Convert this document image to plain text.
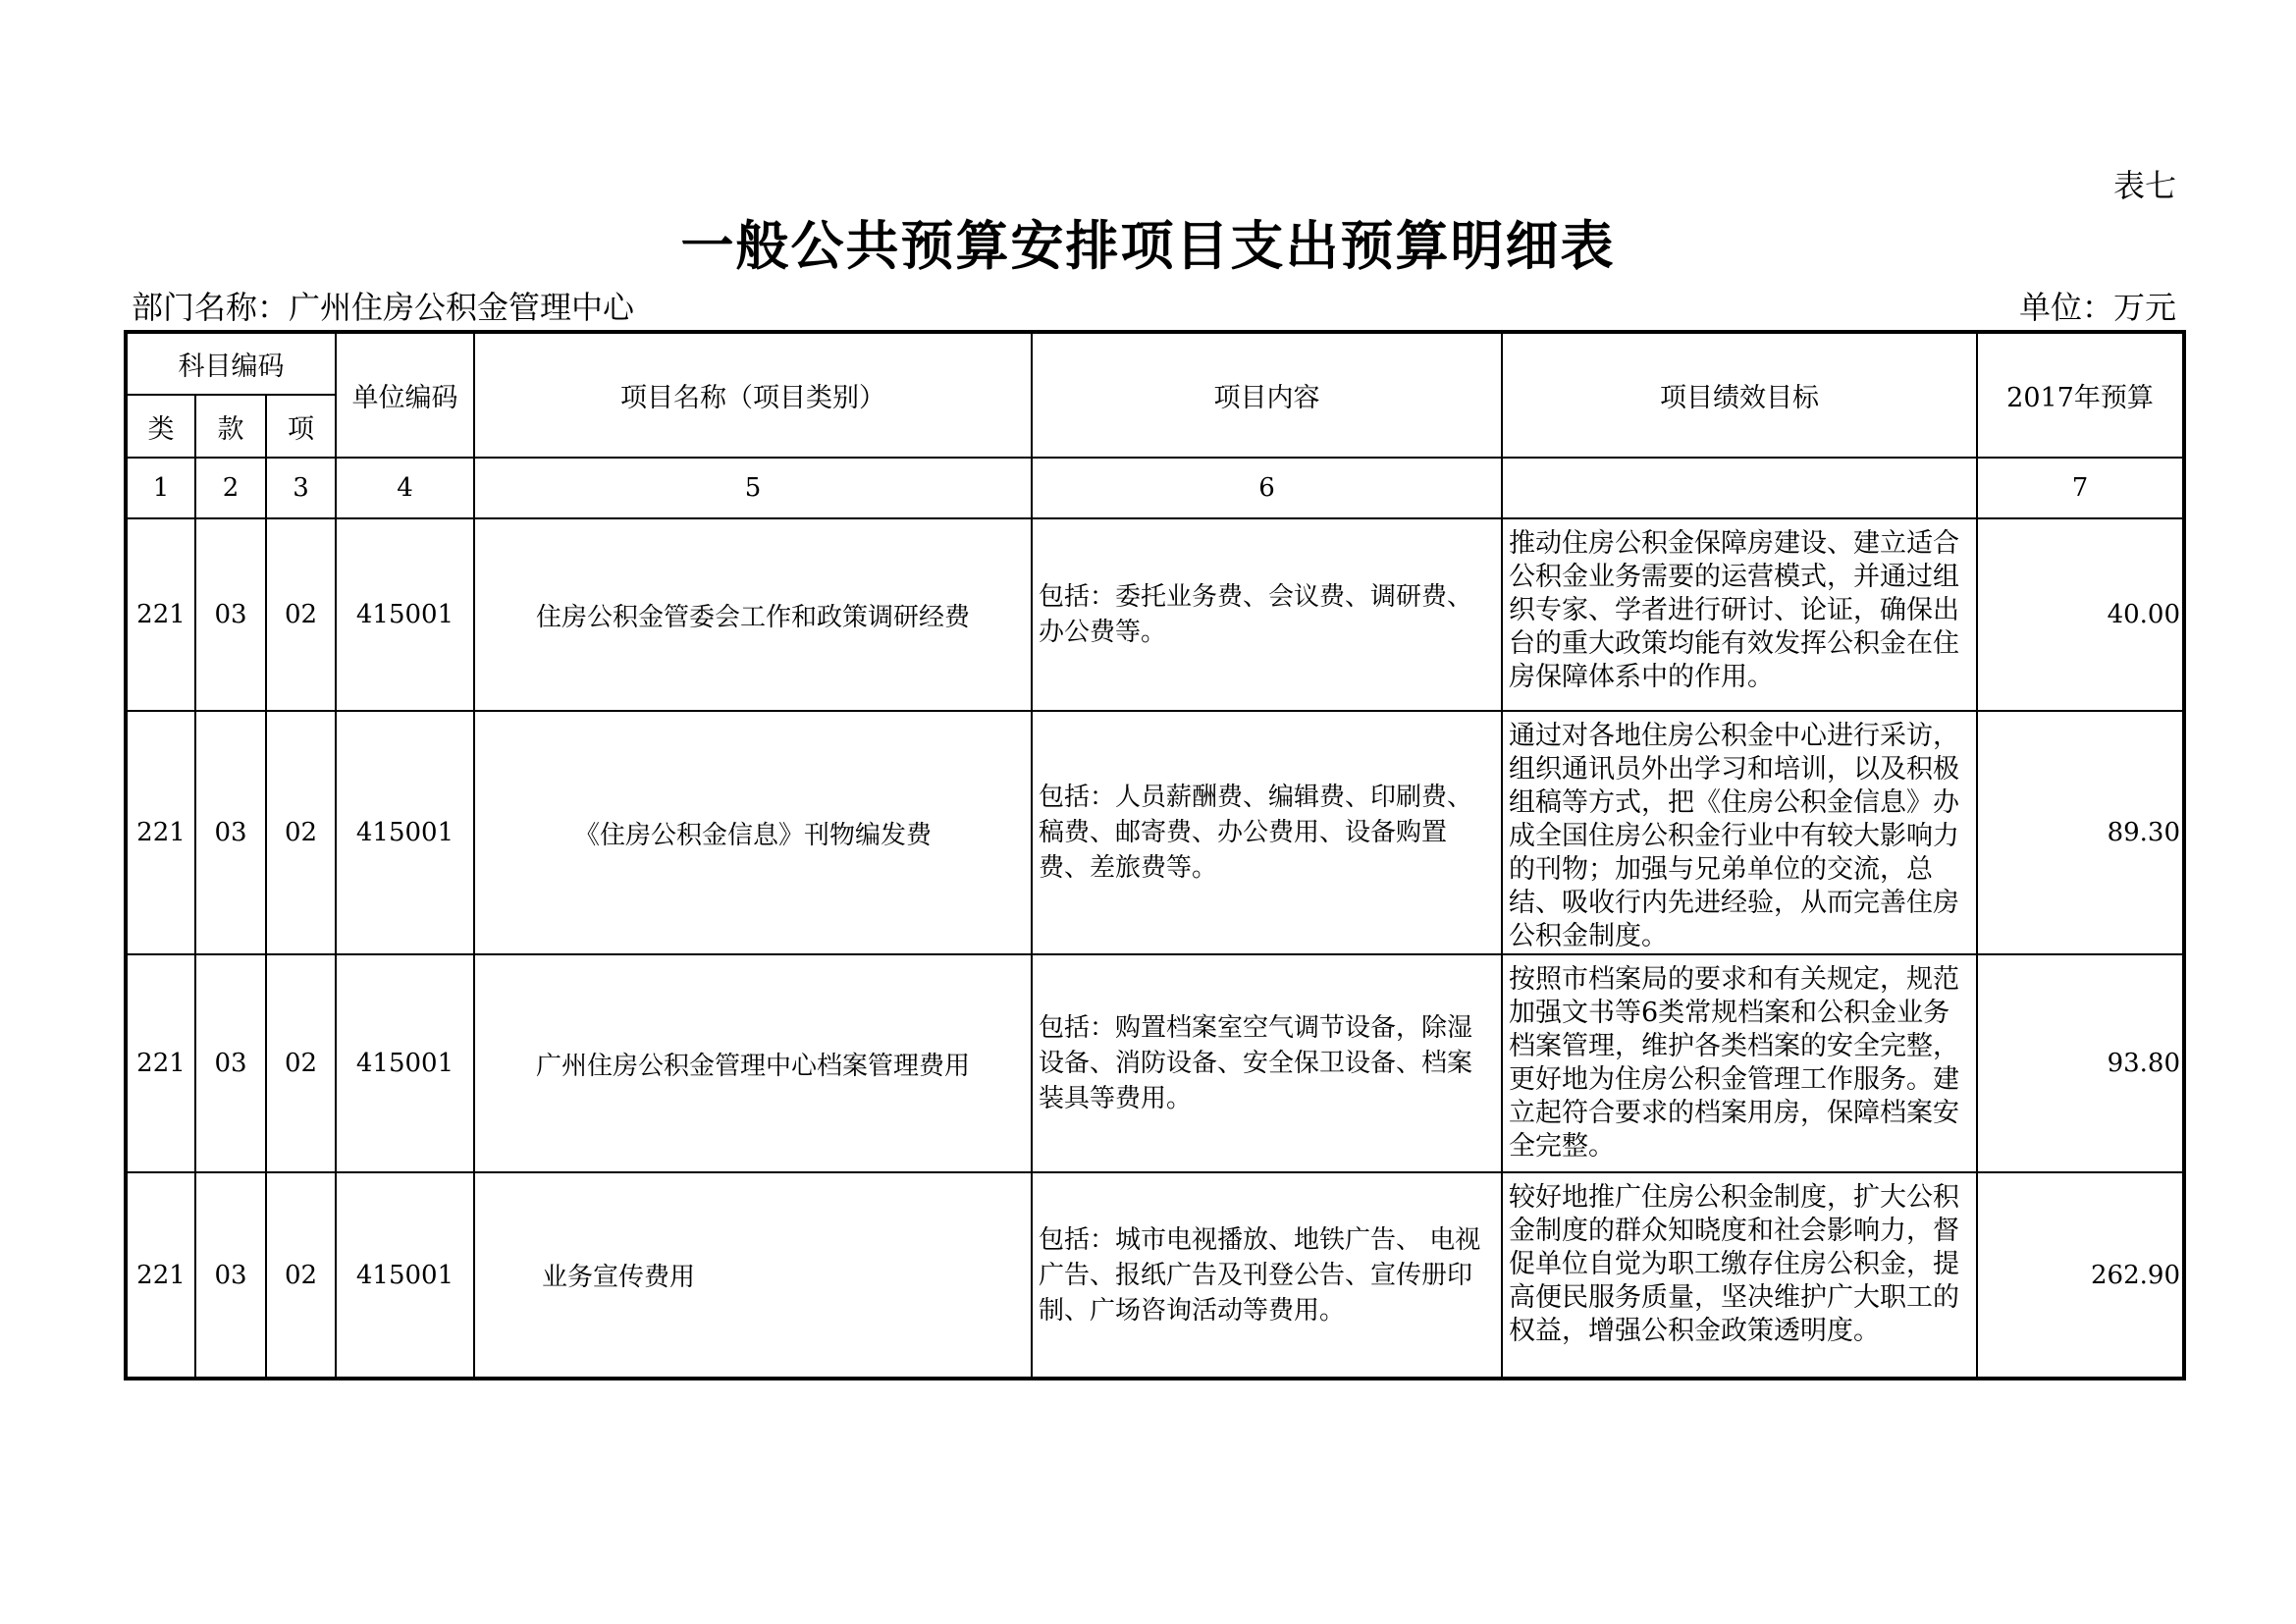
表七
一般公共预算安排项目支出预算明细表
部门名称：广州住房公积金管理中心	单位：万元
科目编码			单位编码	项目名称（项目类别）	项目内容	项目绩效目标	2017年预算
类	款	项					
1	2	3	4	5	6		7
221	03	02	415001	住房公积金管委会工作和政策调研经费	包括：委托业务费、会议费、调研费、办公费等。	推动住房公积金保障房建设、建立适合公积金业务需要的运营模式，并通过组织专家、学者进行研讨、论证，确保出台的重大政策均能有效发挥公积金在住房保障体系中的作用。	40.00
221	03	02	415001	《住房公积金信息》刊物编发费	包括：人员薪酬费、编辑费、印刷费、稿费、邮寄费、办公费用、设备购置费、差旅费等。	通过对各地住房公积金中心进行采访，组织通讯员外出学习和培训，以及积极组稿等方式，把《住房公积金信息》办成全国住房公积金行业中有较大影响力的刊物；加强与兄弟单位的交流，总结、吸收行内先进经验，从而完善住房公积金制度。	89.30
221	03	02	415001	广州住房公积金管理中心档案管理费用	包括：购置档案室空气调节设备，除湿设备、消防设备、安全保卫设备、档案装具等费用。	按照市档案局的要求和有关规定，规范加强文书等6类常规档案和公积金业务档案管理，维护各类档案的安全完整，更好地为住房公积金管理工作服务。建立起符合要求的档案用房，保障档案安全完整。	93.80
221	03	02	415001	业务宣传费用	包括：城市电视播放、地铁广告、 电视广告、报纸广告及刊登公告、宣传册印制、广场咨询活动等费用。	较好地推广住房公积金制度，扩大公积金制度的群众知晓度和社会影响力，督促单位自觉为职工缴存住房公积金，提高便民服务质量，坚决维护广大职工的权益，增强公积金政策透明度。	262.90
